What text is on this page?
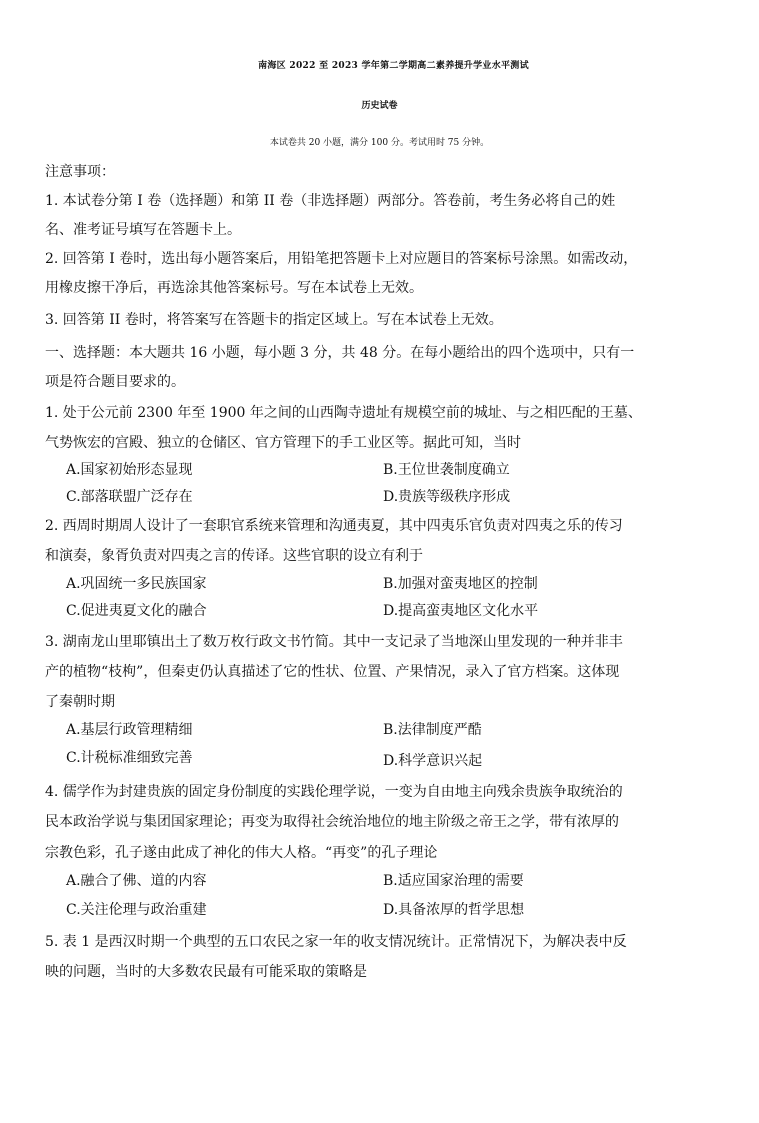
南海区 2022 至 2023 学年第二学期高二素养提升学业水平测试
历史试卷
本试卷共 20 小题，满分 100 分。考试用时 75 分钟。
注意事项：
1. 本试卷分第 I 卷（选择题）和第 II 卷（非选择题）两部分。答卷前，考生务必将自己的姓
名、准考证号填写在答题卡上。
2. 回答第 I 卷时，选出每小题答案后，用铅笔把答题卡上对应题目的答案标号涂黑。如需改动，
用橡皮擦干净后，再选涂其他答案标号。写在本试卷上无效。
3. 回答第 II 卷时，将答案写在答题卡的指定区域上。写在本试卷上无效。
一、选择题：本大题共 16 小题，每小题 3 分，共 48 分。在每小题给出的四个选项中，只有一
项是符合题目要求的。
1. 处于公元前 2300 年至 1900 年之间的山西陶寺遗址有规模空前的城址、与之相匹配的王墓、
气势恢宏的宫殿、独立的仓储区、官方管理下的手工业区等。据此可知，当时
A.国家初始形态显现	B.王位世袭制度确立
C.部落联盟广泛存在	D.贵族等级秩序形成
2. 西周时期周人设计了一套职官系统来管理和沟通夷夏，其中四夷乐官负责对四夷之乐的传习
和演奏，象胥负责对四夷之言的传译。这些官职的设立有利于
A.巩固统一多民族国家	B.加强对蛮夷地区的控制
C.促进夷夏文化的融合	D.提高蛮夷地区文化水平
3. 湖南龙山里耶镇出土了数万枚行政文书竹简。其中一支记录了当地深山里发现的一种并非丰
产的植物“枝枸”，但秦吏仍认真描述了它的性状、位置、产果情况，录入了官方档案。这体现
了秦朝时期
A.基层行政管理精细	B.法律制度严酷
C.计税标准细致完善	D.科学意识兴起
4. 儒学作为封建贵族的固定身份制度的实践伦理学说，一变为自由地主向残余贵族争取统治的
民本政治学说与集团国家理论；再变为取得社会统治地位的地主阶级之帝王之学，带有浓厚的
宗教色彩，孔子遂由此成了神化的伟大人格。“再变”的孔子理论
A.融合了佛、道的内容	B.适应国家治理的需要
C.关注伦理与政治重建	D.具备浓厚的哲学思想
5. 表 1 是西汉时期一个典型的五口农民之家一年的收支情况统计。正常情况下，为解决表中反
映的问题，当时的大多数农民最有可能采取的策略是
